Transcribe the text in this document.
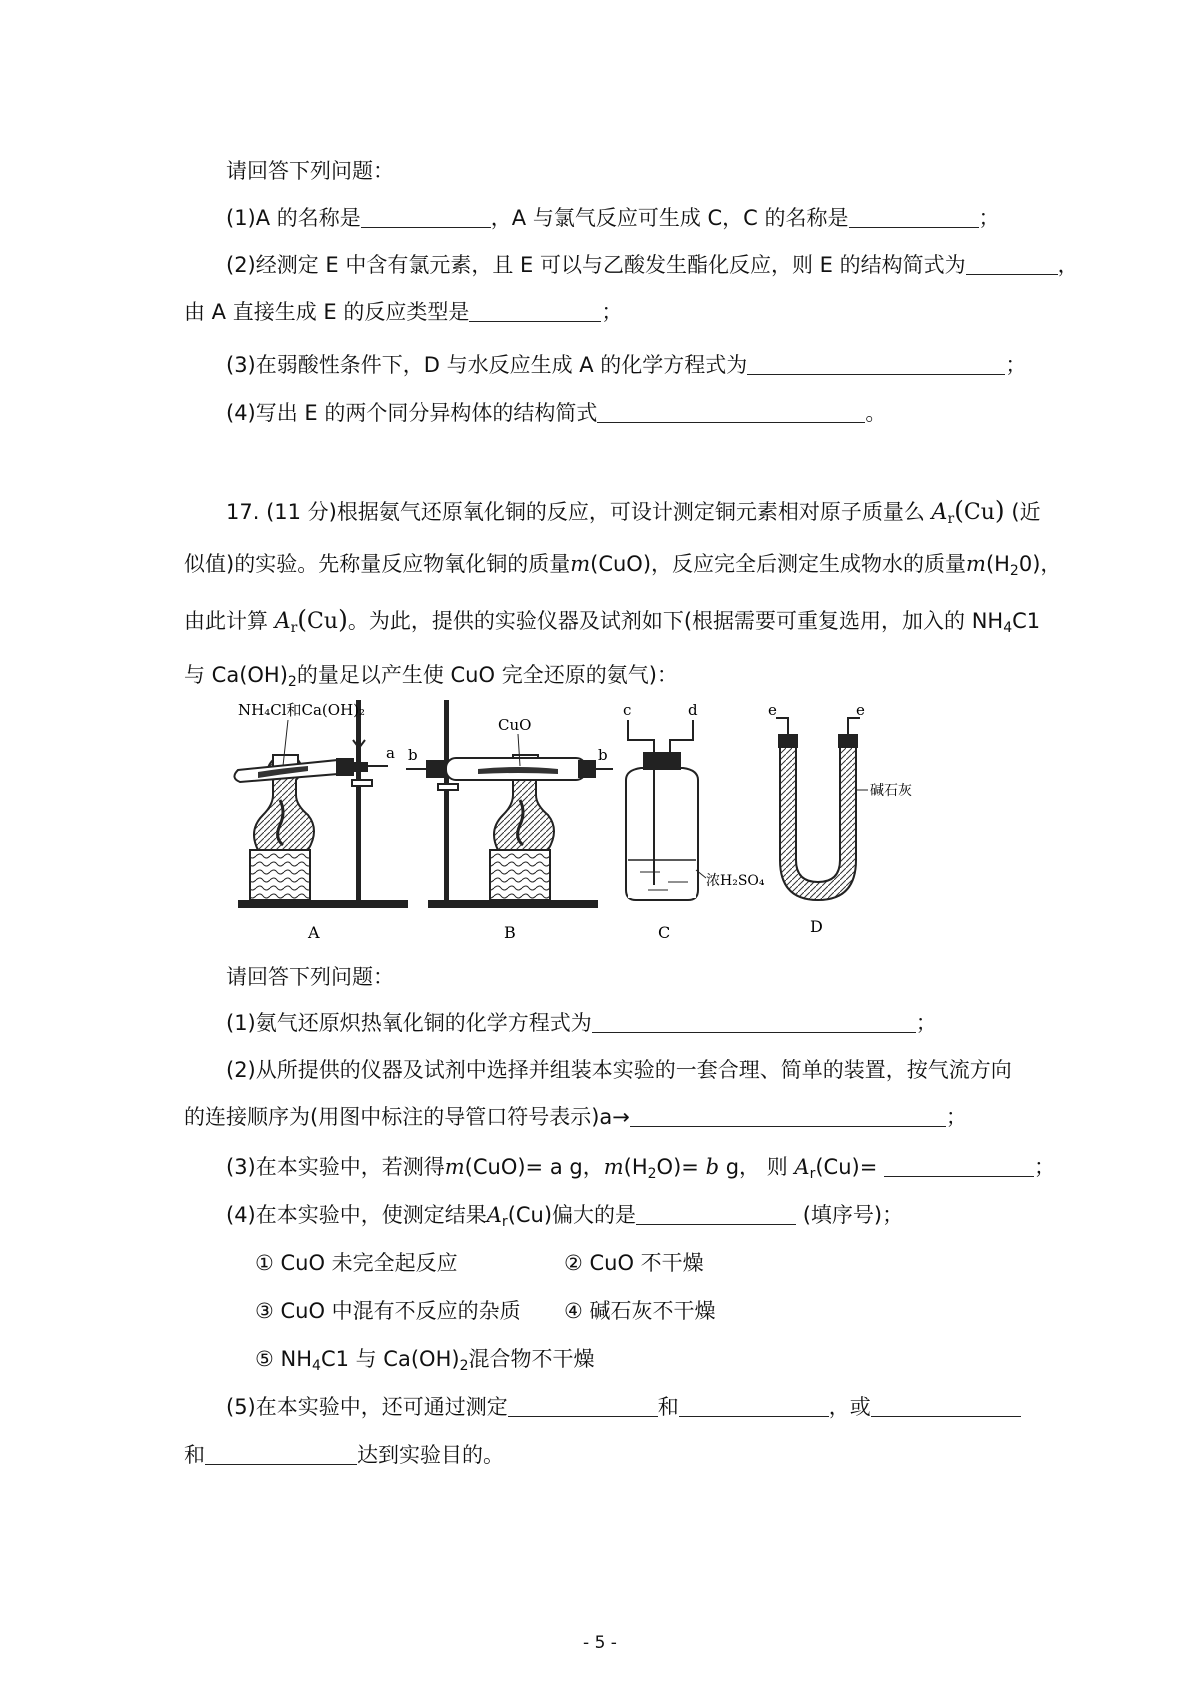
请回答下列问题：
(1)A 的名称是	，A 与氯气反应可生成 C，C 的名称是	；
(2)经测定 E 中含有氯元素，且 E 可以与乙酸发生酯化反应，则 E 的结构简式为	，
由 A 直接生成 E 的反应类型是	；
(3)在弱酸性条件下，D 与水反应生成 A 的化学方程式为	；
(4)写出 E 的两个同分异构体的结构简式	。
17. (11 分)根据氨气还原氧化铜的反应，可设计测定铜元素相对原子质量么 $A_r(Cu)$ (近
似值)的实验。先称量反应物氧化铜的质量m(CuO)，反应完全后测定生成物水的质量$m(H_20)$，
由此计算 $A_r(Cu)$。为此，提供的实验仪器及试剂如下(根据需要可重复选用，加入的 $NH_4C1$
与 $Ca(OH)_2$的量足以产生使 CuO 完全还原的氨气)：
NH₄Cl和Ca(OH)₂
a
A
CuO
b	b
B
c	d
浓H₂SO₄
C
e	e
碱石灰
D
请回答下列问题：
(1)氨气还原炽热氧化铜的化学方程式为	；
(2)从所提供的仪器及试剂中选择并组装本实验的一套合理、简单的装置，按气流方向
的连接顺序为(用图中标注的导管口符号表示)a→	；
(3)在本实验中，若测得m(CuO)= a g，$m(H_2O)= b$ g， 则 $A_r(Cu)=$	；
(4)在本实验中，使测定结果$A_r(Cu)$偏大的是	(填序号)；
① CuO 未完全起反应	② CuO 不干燥
③ CuO 中混有不反应的杂质 ④ 碱石灰不干燥
⑤ $NH_4C1$ 与 $Ca(OH)_2$混合物不干燥
(5)在本实验中，还可通过测定	和	，或
和	达到实验目的。
- 5 -
